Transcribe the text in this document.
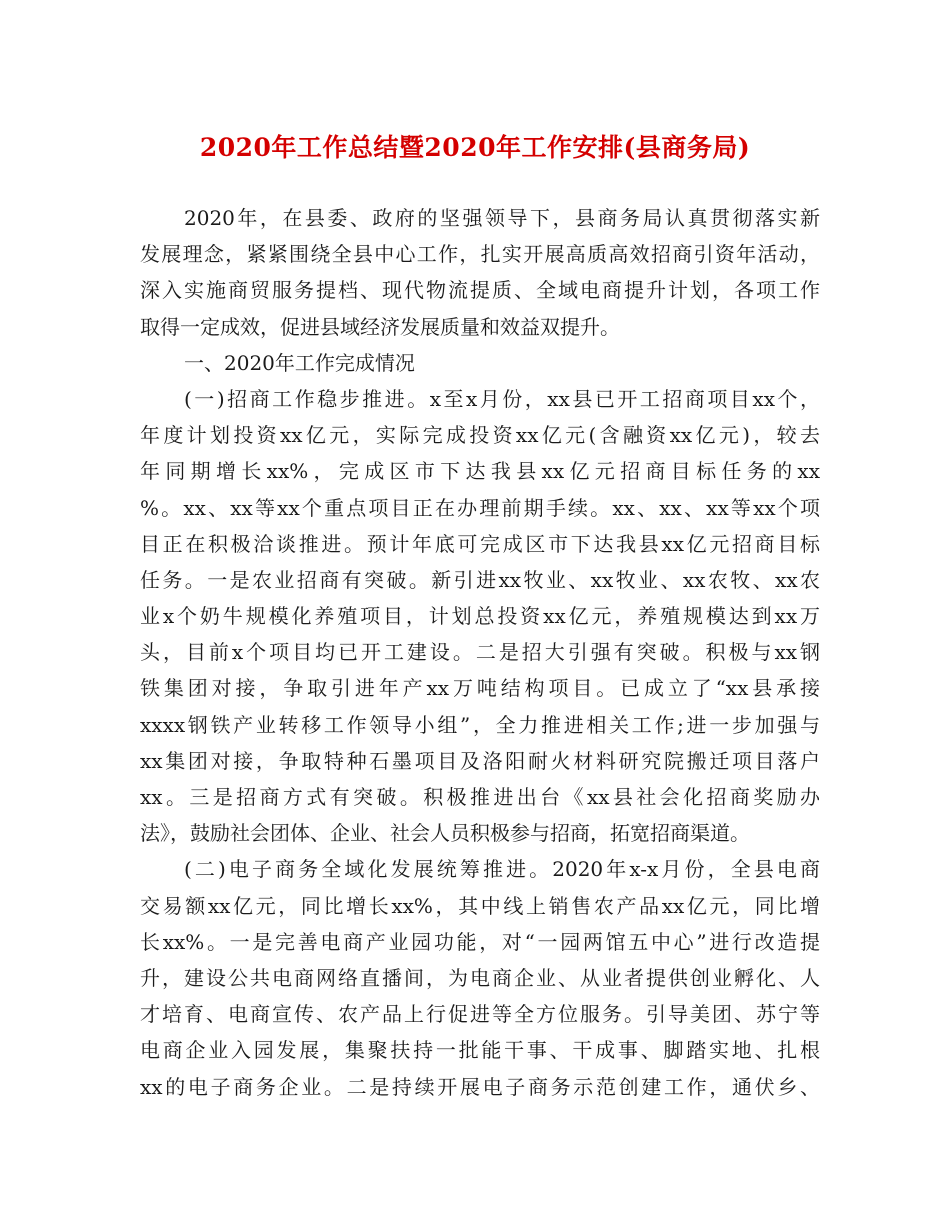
2020年工作总结暨2020年工作安排(县商务局)
2020年，在县委、政府的坚强领导下，县商务局认真贯彻落实新
发展理念，紧紧围绕全县中心工作，扎实开展高质高效招商引资年活动，
深入实施商贸服务提档、现代物流提质、全域电商提升计划，各项工作
取得一定成效，促进县域经济发展质量和效益双提升。
一、2020年工作完成情况
(一)招商工作稳步推进。x至x月份，xx县已开工招商项目xx个，
年度计划投资xx亿元，实际完成投资xx亿元(含融资xx亿元)，较去
年同期增长xx%，完成区市下达我县xx亿元招商目标任务的xx
%。xx、xx等xx个重点项目正在办理前期手续。xx、xx、xx等xx个项
目正在积极洽谈推进。预计年底可完成区市下达我县xx亿元招商目标
任务。一是农业招商有突破。新引进xx牧业、xx牧业、xx农牧、xx农
业x个奶牛规模化养殖项目，计划总投资xx亿元，养殖规模达到xx万
头，目前x个项目均已开工建设。二是招大引强有突破。积极与xx钢
铁集团对接，争取引进年产xx万吨结构项目。已成立了“xx县承接
xxxx钢铁产业转移工作领导小组”，全力推进相关工作;进一步加强与
xx集团对接，争取特种石墨项目及洛阳耐火材料研究院搬迁项目落户
xx。三是招商方式有突破。积极推进出台《xx县社会化招商奖励办
法》，鼓励社会团体、企业、社会人员积极参与招商，拓宽招商渠道。
(二)电子商务全域化发展统筹推进。2020年x-x月份，全县电商
交易额xx亿元，同比增长xx%，其中线上销售农产品xx亿元，同比增
长xx%。一是完善电商产业园功能，对“一园两馆五中心”进行改造提
升，建设公共电商网络直播间，为电商企业、从业者提供创业孵化、人
才培育、电商宣传、农产品上行促进等全方位服务。引导美团、苏宁等
电商企业入园发展，集聚扶持一批能干事、干成事、脚踏实地、扎根
xx的电子商务企业。二是持续开展电子商务示范创建工作，通伏乡、
